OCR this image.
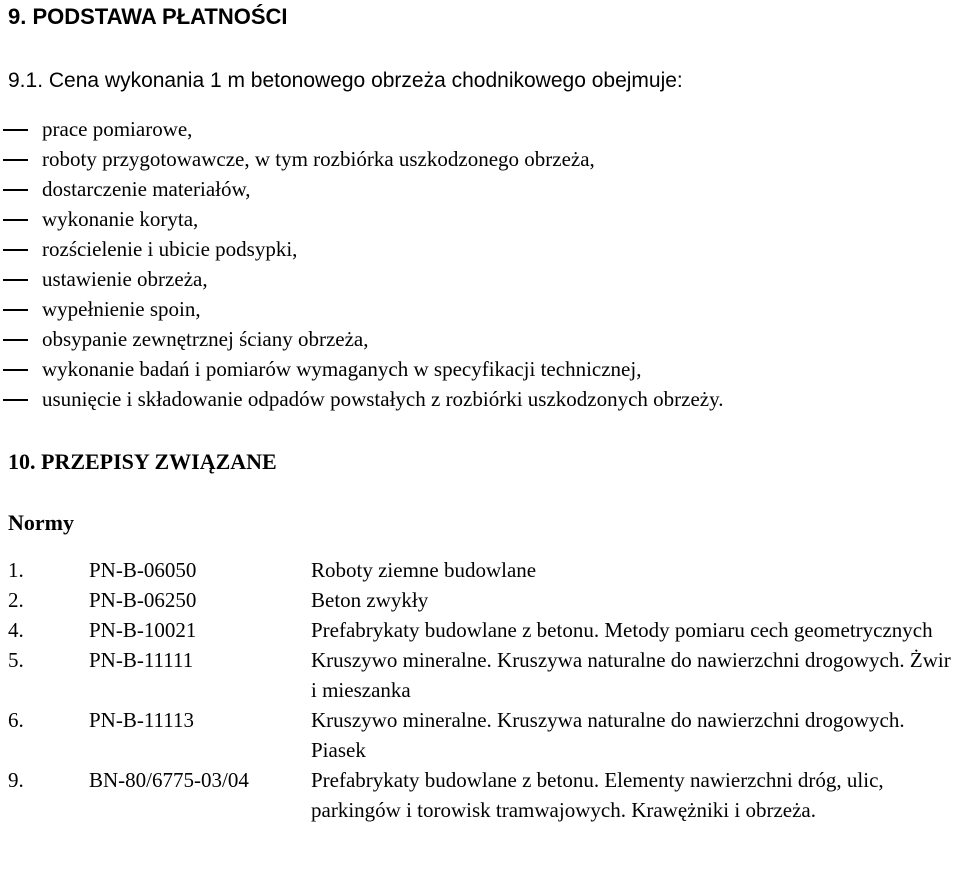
9. PODSTAWA PŁATNOŚCI
9.1. Cena wykonania 1 m betonowego obrzeża chodnikowego obejmuje:
prace pomiarowe,
roboty przygotowawcze, w tym rozbiórka uszkodzonego obrzeża,
dostarczenie materiałów,
wykonanie koryta,
rozścielenie i ubicie podsypki,
ustawienie obrzeża,
wypełnienie spoin,
obsypanie zewnętrznej ściany obrzeża,
wykonanie badań i pomiarów wymaganych w specyfikacji technicznej,
usunięcie i składowanie odpadów powstałych z rozbiórki uszkodzonych obrzeży.
10. PRZEPISY ZWIĄZANE
Normy
1.	PN-B-06050	Roboty ziemne budowlane
2.	PN-B-06250	Beton zwykły
4.	PN-B-10021	Prefabrykaty budowlane z betonu. Metody pomiaru cech geometrycznych
5.	PN-B-11111	Kruszywo mineralne. Kruszywa naturalne do nawierzchni drogowych. Żwir i mieszanka
6.	PN-B-11113	Kruszywo mineralne. Kruszywa naturalne do nawierzchni drogowych. Piasek
9.	BN-80/6775-03/04	Prefabrykaty budowlane z betonu. Elementy nawierzchni dróg, ulic, parkingów i torowisk tramwajowych. Krawężniki i obrzeża.
